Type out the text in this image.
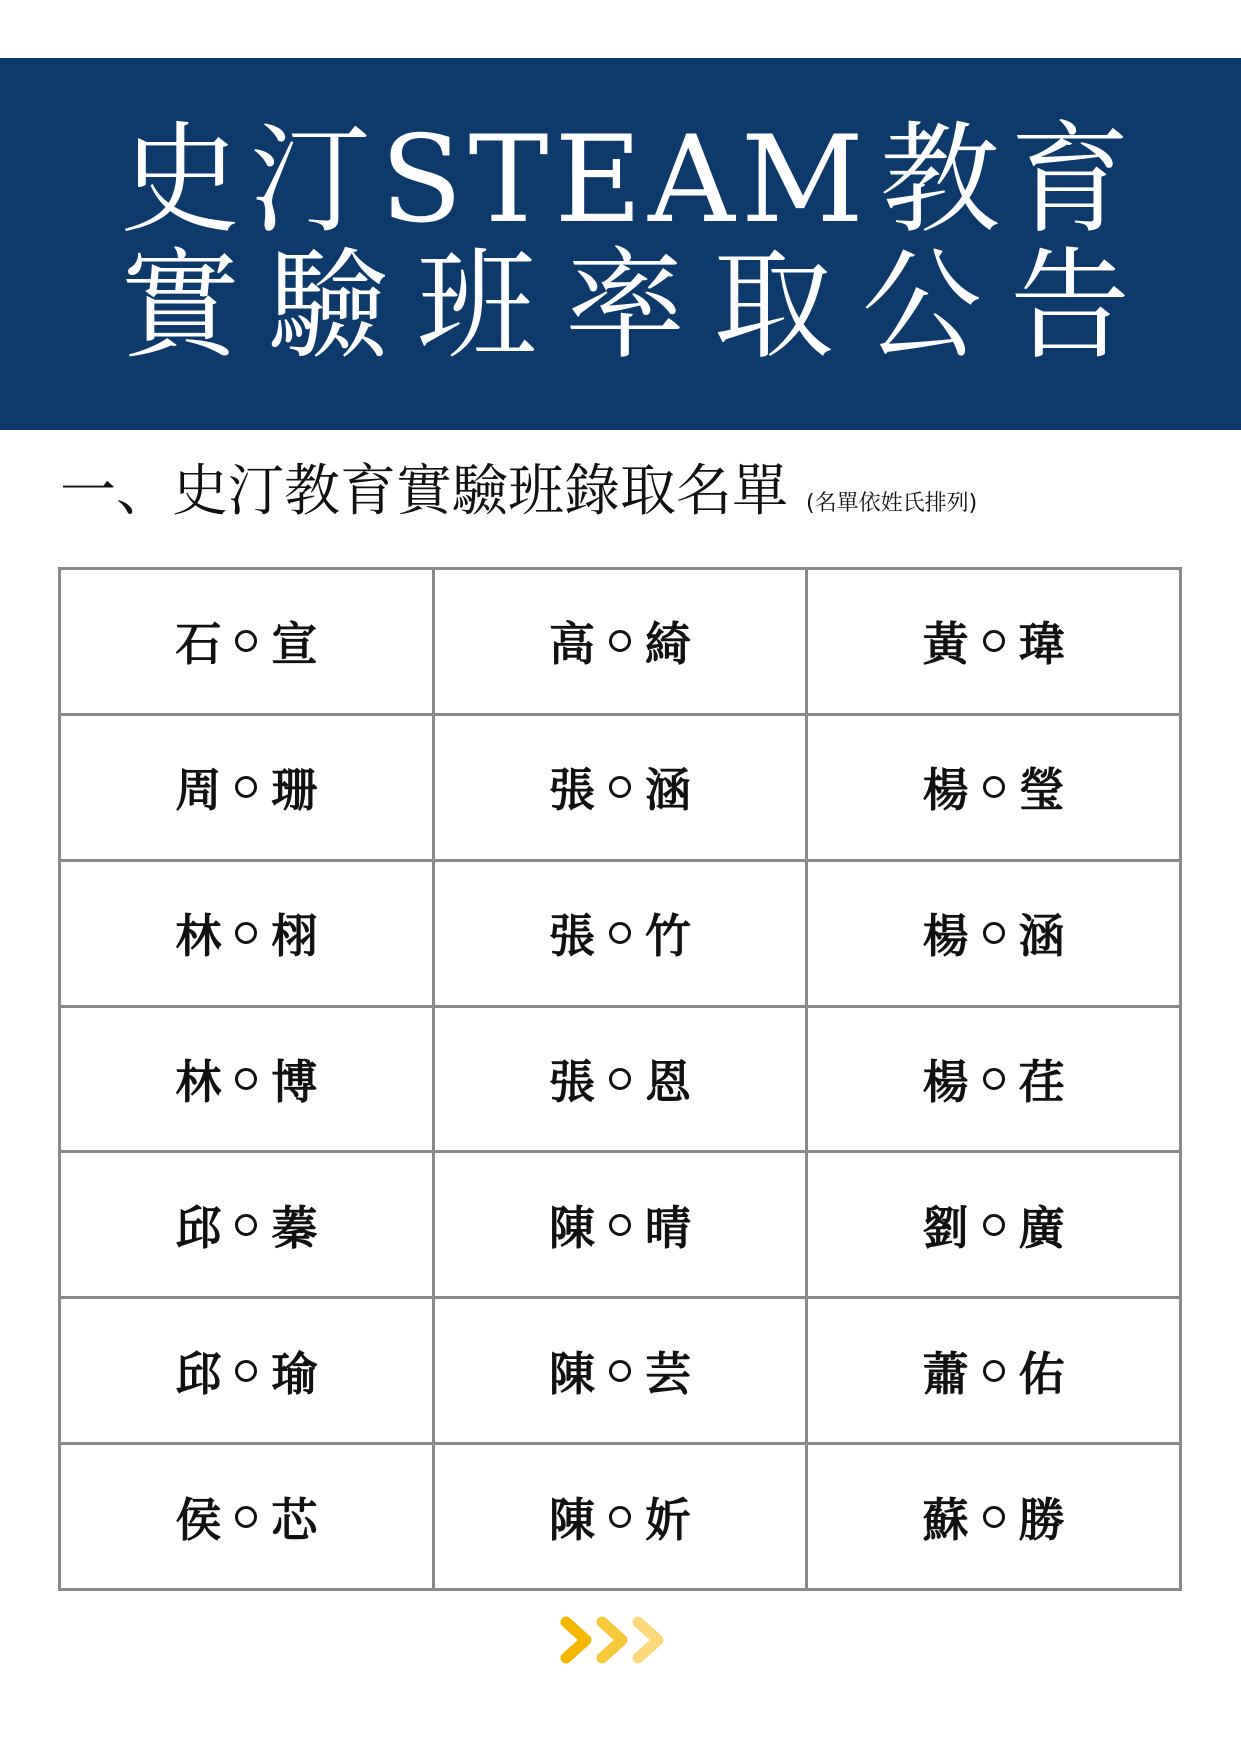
史 汀 STEAM 教 育
實 驗 班 率 取 公 告
一、史汀教育實驗班錄取名單 (名單依姓氏排列)
石 宣	高 綺	黃 瑋

周 珊	張 涵	楊 瑩

林 栩	張 竹	楊 涵

林 博	張 恩	楊 荏

邱 蓁	陳 晴	劉 廣

邱 瑜	陳 芸	蕭 佑

侯 芯	陳 妡	蘇 勝
